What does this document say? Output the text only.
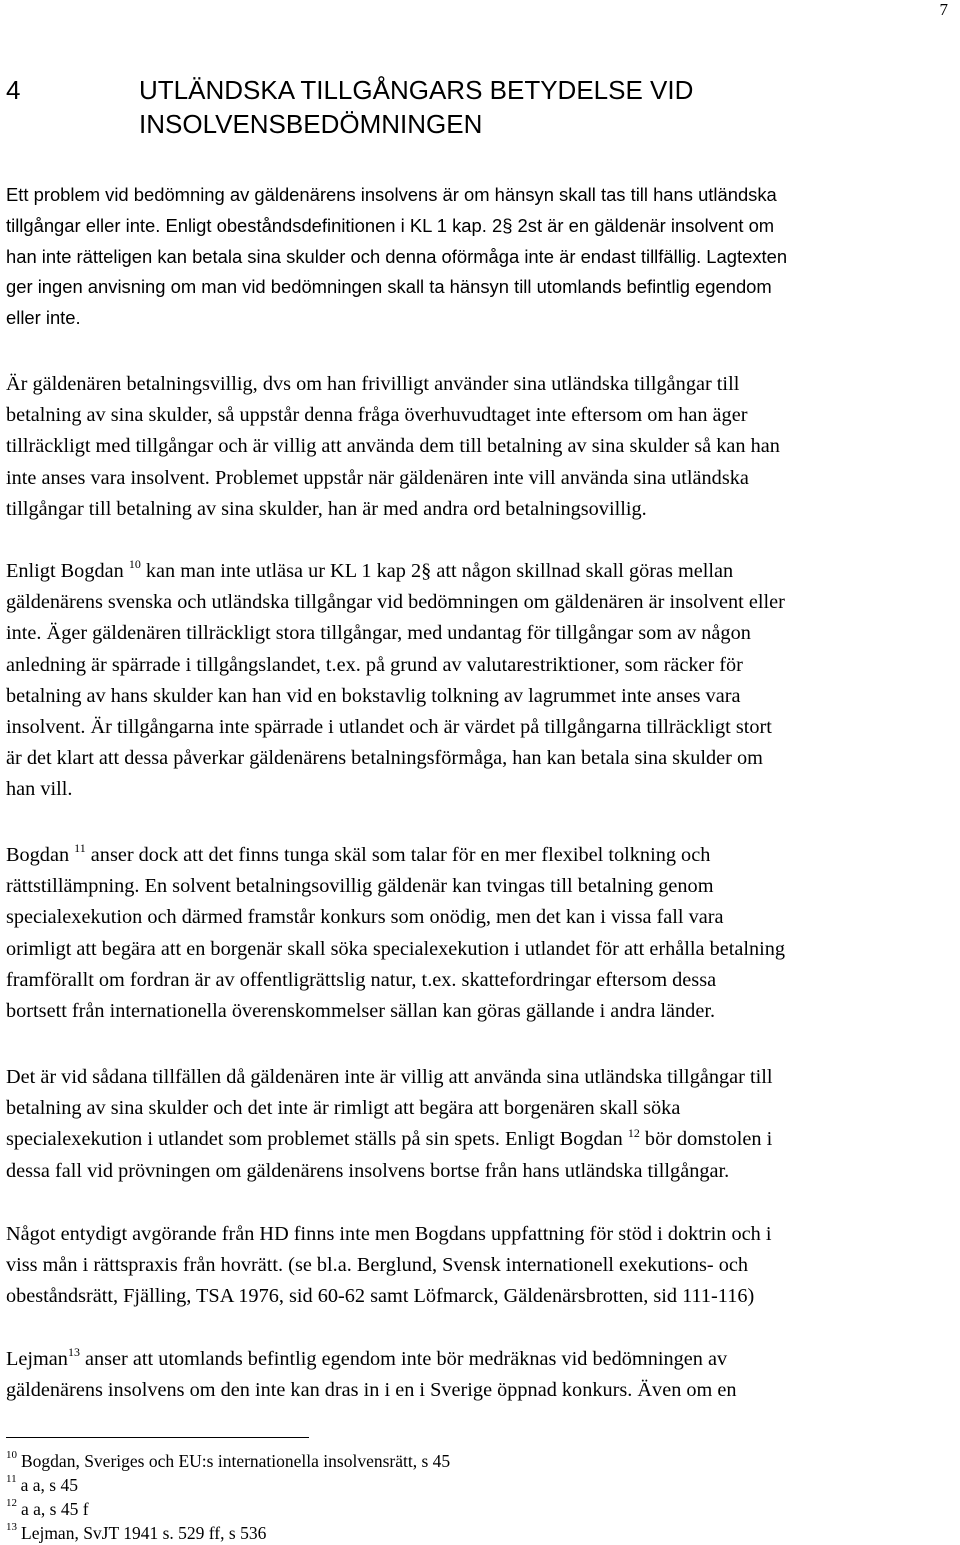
7
4	UTLÄNDSKA TILLGÅNGARS BETYDELSE VID
INSOLVENSBEDÖMNINGEN
Ett problem vid bedömning av gäldenärens insolvens är om hänsyn skall tas till hans utländska
tillgångar eller inte. Enligt obeståndsdefinitionen i KL 1 kap. 2§ 2st är en gäldenär insolvent om
han inte rätteligen kan betala sina skulder och denna oförmåga inte är endast tillfällig. Lagtexten
ger ingen anvisning om man vid bedömningen skall ta hänsyn till utomlands befintlig egendom
eller inte.
Är gäldenären betalningsvillig, dvs om han frivilligt använder sina utländska tillgångar till
betalning av sina skulder, så uppstår denna fråga överhuvudtaget inte eftersom om han äger
tillräckligt med tillgångar och är villig att använda dem till betalning av sina skulder så kan han
inte anses vara insolvent. Problemet uppstår när gäldenären inte vill använda sina utländska
tillgångar till betalning av sina skulder, han är med andra ord betalningsovillig.
Enligt Bogdan $^{10}$ kan man inte utläsa ur KL 1 kap 2§ att någon skillnad skall göras mellan
gäldenärens svenska och utländska tillgångar vid bedömningen om gäldenären är insolvent eller
inte. Äger gäldenären tillräckligt stora tillgångar, med undantag för tillgångar som av någon
anledning är spärrade i tillgångslandet, t.ex. på grund av valutarestriktioner, som räcker för
betalning av hans skulder kan han vid en bokstavlig tolkning av lagrummet inte anses vara
insolvent. Är tillgångarna inte spärrade i utlandet och är värdet på tillgångarna tillräckligt stort
är det klart att dessa påverkar gäldenärens betalningsförmåga, han kan betala sina skulder om
han vill.
Bogdan $^{11}$ anser dock att det finns tunga skäl som talar för en mer flexibel tolkning och
rättstillämpning. En solvent betalningsovillig gäldenär kan tvingas till betalning genom
specialexekution och därmed framstår konkurs som onödig, men det kan i vissa fall vara
orimligt att begära att en borgenär skall söka specialexekution i utlandet för att erhålla betalning
framförallt om fordran är av offentligrättslig natur, t.ex. skattefordringar eftersom dessa
bortsett från internationella överenskommelser sällan kan göras gällande i andra länder.
Det är vid sådana tillfällen då gäldenären inte är villig att använda sina utländska tillgångar till
betalning av sina skulder och det inte är rimligt att begära att borgenären skall söka
specialexekution i utlandet som problemet ställs på sin spets. Enligt Bogdan $^{12}$ bör domstolen i
dessa fall vid prövningen om gäldenärens insolvens bortse från hans utländska tillgångar.
Något entydigt avgörande från HD finns inte men Bogdans uppfattning för stöd i doktrin och i
viss mån i rättspraxis från hovrätt. (se bl.a. Berglund, Svensk internationell exekutions- och
obeståndsrätt, Fjälling, TSA 1976, sid 60-62 samt Löfmarck, Gäldenärsbrotten, sid 111-116)
Lejman$^{13}$ anser att utomlands befintlig egendom inte bör medräknas vid bedömningen av
gäldenärens insolvens om den inte kan dras in i en i Sverige öppnad konkurs. Även om en
$^{10}$ Bogdan, Sveriges och EU:s internationella insolvensrätt, s 45
$^{11}$ a a, s 45
$^{12}$ a a, s 45 f
$^{13}$ Lejman, SvJT 1941 s. 529 ff, s 536
